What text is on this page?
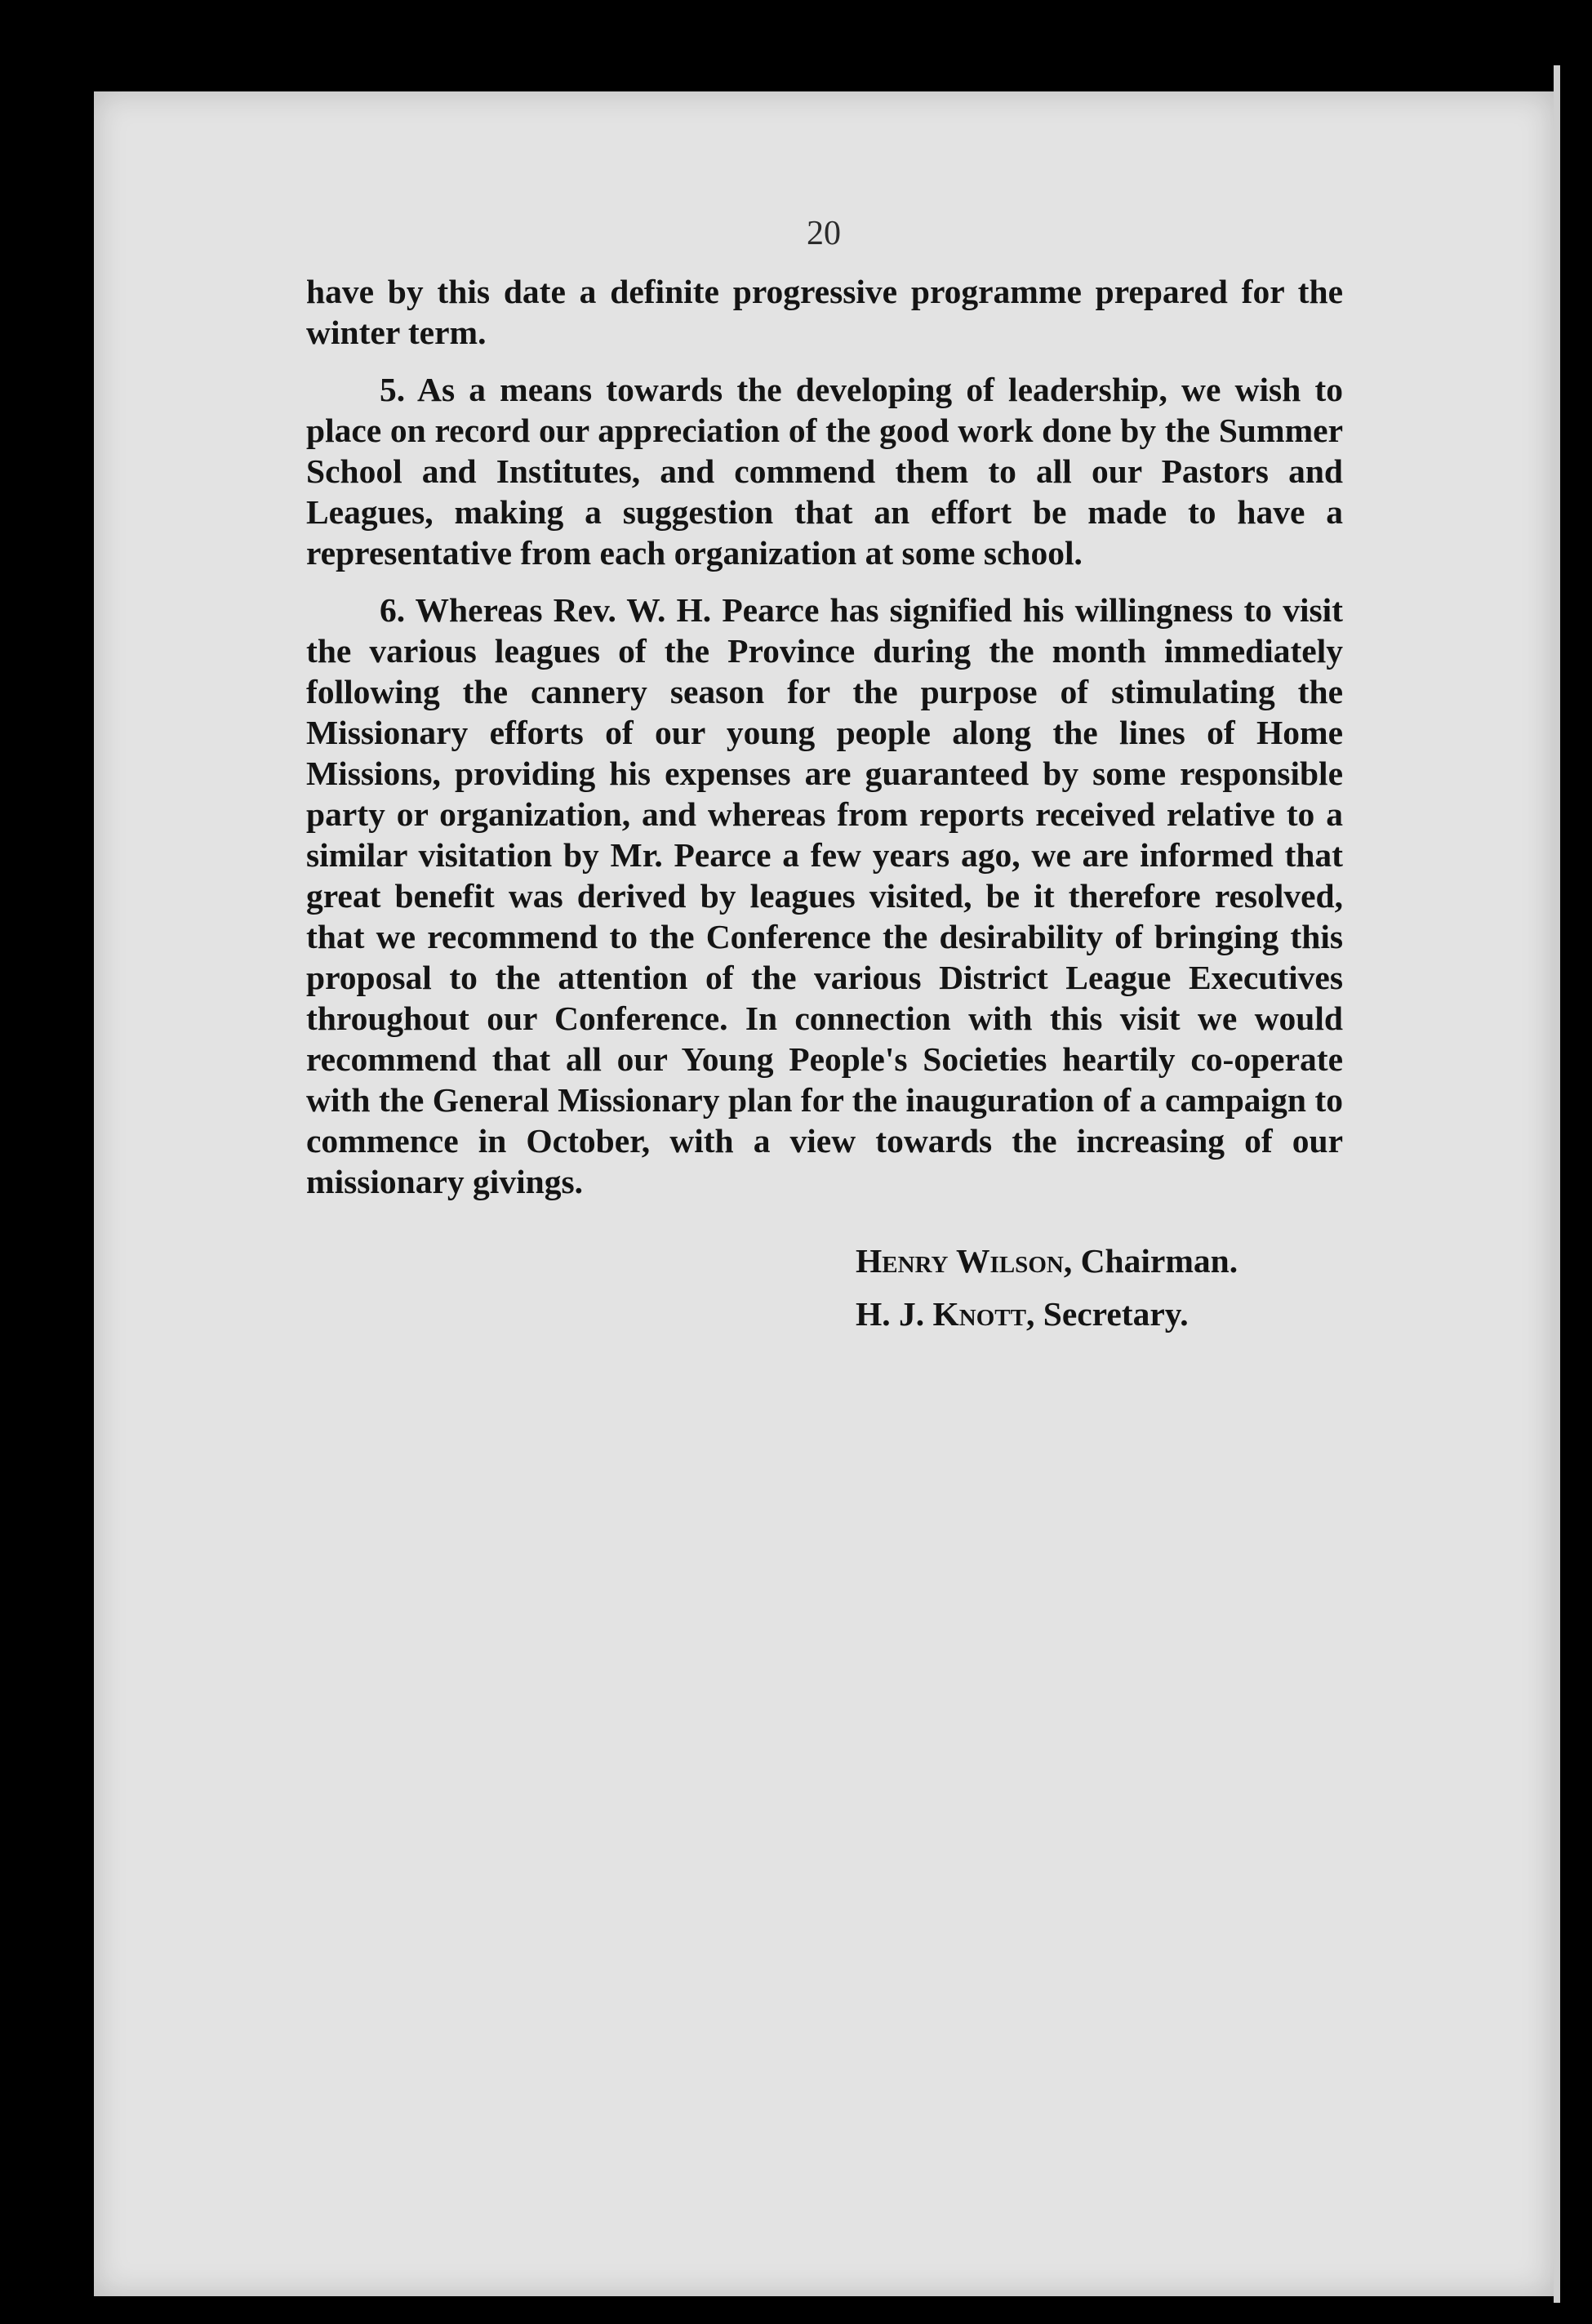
20

have by this date a definite progressive programme prepared for the winter term.

5. As a means towards the developing of leadership, we wish to place on record our appreciation of the good work done by the Summer School and Institutes, and commend them to all our Pastors and Leagues, making a suggestion that an effort be made to have a representative from each organization at some school.

6. Whereas Rev. W. H. Pearce has signified his willingness to visit the various leagues of the Province during the month immediately following the cannery season for the purpose of stimulating the Missionary efforts of our young people along the lines of Home Missions, providing his expenses are guaranteed by some responsible party or organization, and whereas from reports received relative to a similar visitation by Mr. Pearce a few years ago, we are informed that great benefit was derived by leagues visited, be it therefore resolved, that we recommend to the Conference the desirability of bringing this proposal to the attention of the various District League Executives throughout our Conference. In connection with this visit we would recommend that all our Young People's Societies heartily co-operate with the General Missionary plan for the inauguration of a campaign to commence in October, with a view towards the increasing of our missionary givings.

Henry Wilson, Chairman.
H. J. Knott, Secretary.
